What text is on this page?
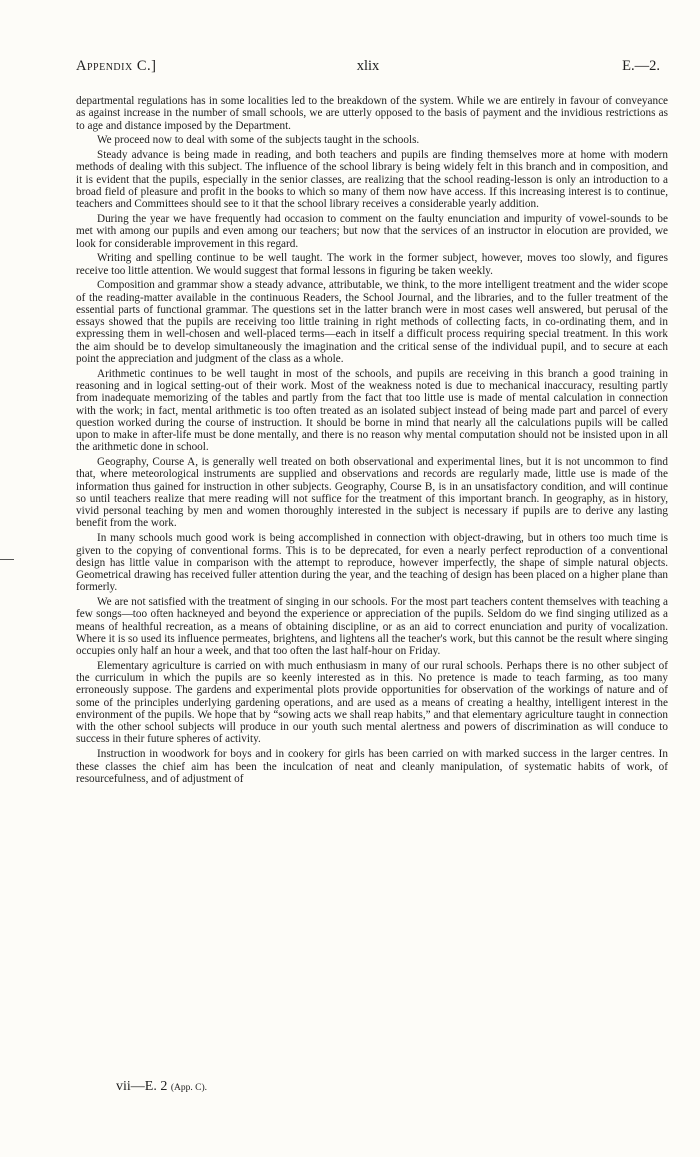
Appendix C.]	xlix	E.—2.

departmental regulations has in some localities led to the breakdown of the system. While we are entirely in favour of conveyance as against increase in the number of small schools, we are utterly opposed to the basis of payment and the invidious restrictions as to age and distance imposed by the Department.

We proceed now to deal with some of the subjects taught in the schools.

Steady advance is being made in reading, and both teachers and pupils are finding themselves more at home with modern methods of dealing with this subject. The influence of the school library is being widely felt in this branch and in composition, and it is evident that the pupils, especially in the senior classes, are realizing that the school reading-lesson is only an introduction to a broad field of pleasure and profit in the books to which so many of them now have access. If this increasing interest is to continue, teachers and Committees should see to it that the school library receives a considerable yearly addition.

During the year we have frequently had occasion to comment on the faulty enunciation and impurity of vowel-sounds to be met with among our pupils and even among our teachers; but now that the services of an instructor in elocution are provided, we look for considerable improvement in this regard.

Writing and spelling continue to be well taught. The work in the former subject, however, moves too slowly, and figures receive too little attention. We would suggest that formal lessons in figuring be taken weekly.

Composition and grammar show a steady advance, attributable, we think, to the more intelligent treatment and the wider scope of the reading-matter available in the continuous Readers, the School Journal, and the libraries, and to the fuller treatment of the essential parts of functional grammar. The questions set in the latter branch were in most cases well answered, but perusal of the essays showed that the pupils are receiving too little training in right methods of collecting facts, in co-ordinating them, and in expressing them in well-chosen and well-placed terms—each in itself a difficult process requiring special treatment. In this work the aim should be to develop simultaneously the imagination and the critical sense of the individual pupil, and to secure at each point the appreciation and judgment of the class as a whole.

Arithmetic continues to be well taught in most of the schools, and pupils are receiving in this branch a good training in reasoning and in logical setting-out of their work. Most of the weakness noted is due to mechanical inaccuracy, resulting partly from inadequate memorizing of the tables and partly from the fact that too little use is made of mental calculation in connection with the work; in fact, mental arithmetic is too often treated as an isolated subject instead of being made part and parcel of every question worked during the course of instruction. It should be borne in mind that nearly all the calculations pupils will be called upon to make in after-life must be done mentally, and there is no reason why mental computation should not be insisted upon in all the arithmetic done in school.

Geography, Course A, is generally well treated on both observational and experimental lines, but it is not uncommon to find that, where meteorological instruments are supplied and observations and records are regularly made, little use is made of the information thus gained for instruction in other subjects. Geography, Course B, is in an unsatisfactory condition, and will continue so until teachers realize that mere reading will not suffice for the treatment of this important branch. In geography, as in history, vivid personal teaching by men and women thoroughly interested in the subject is necessary if pupils are to derive any lasting benefit from the work.

In many schools much good work is being accomplished in connection with object-drawing, but in others too much time is given to the copying of conventional forms. This is to be deprecated, for even a nearly perfect reproduction of a conventional design has little value in comparison with the attempt to reproduce, however imperfectly, the shape of simple natural objects. Geometrical drawing has received fuller attention during the year, and the teaching of design has been placed on a higher plane than formerly.

We are not satisfied with the treatment of singing in our schools. For the most part teachers content themselves with teaching a few songs—too often hackneyed and beyond the experience or appreciation of the pupils. Seldom do we find singing utilized as a means of healthful recreation, as a means of obtaining discipline, or as an aid to correct enunciation and purity of vocalization. Where it is so used its influence permeates, brightens, and lightens all the teacher's work, but this cannot be the result where singing occupies only half an hour a week, and that too often the last half-hour on Friday.

Elementary agriculture is carried on with much enthusiasm in many of our rural schools. Perhaps there is no other subject of the curriculum in which the pupils are so keenly interested as in this. No pretence is made to teach farming, as too many erroneously suppose. The gardens and experimental plots provide opportunities for observation of the workings of nature and of some of the principles underlying gardening operations, and are used as a means of creating a healthy, intelligent interest in the environment of the pupils. We hope that by “sowing acts we shall reap habits,” and that elementary agriculture taught in connection with the other school subjects will produce in our youth such mental alertness and powers of discrimination as will conduce to success in their future spheres of activity.

Instruction in woodwork for boys and in cookery for girls has been carried on with marked success in the larger centres. In these classes the chief aim has been the inculcation of neat and cleanly manipulation, of systematic habits of work, of resourcefulness, and of adjustment of

vii—E. 2 (App. C).
